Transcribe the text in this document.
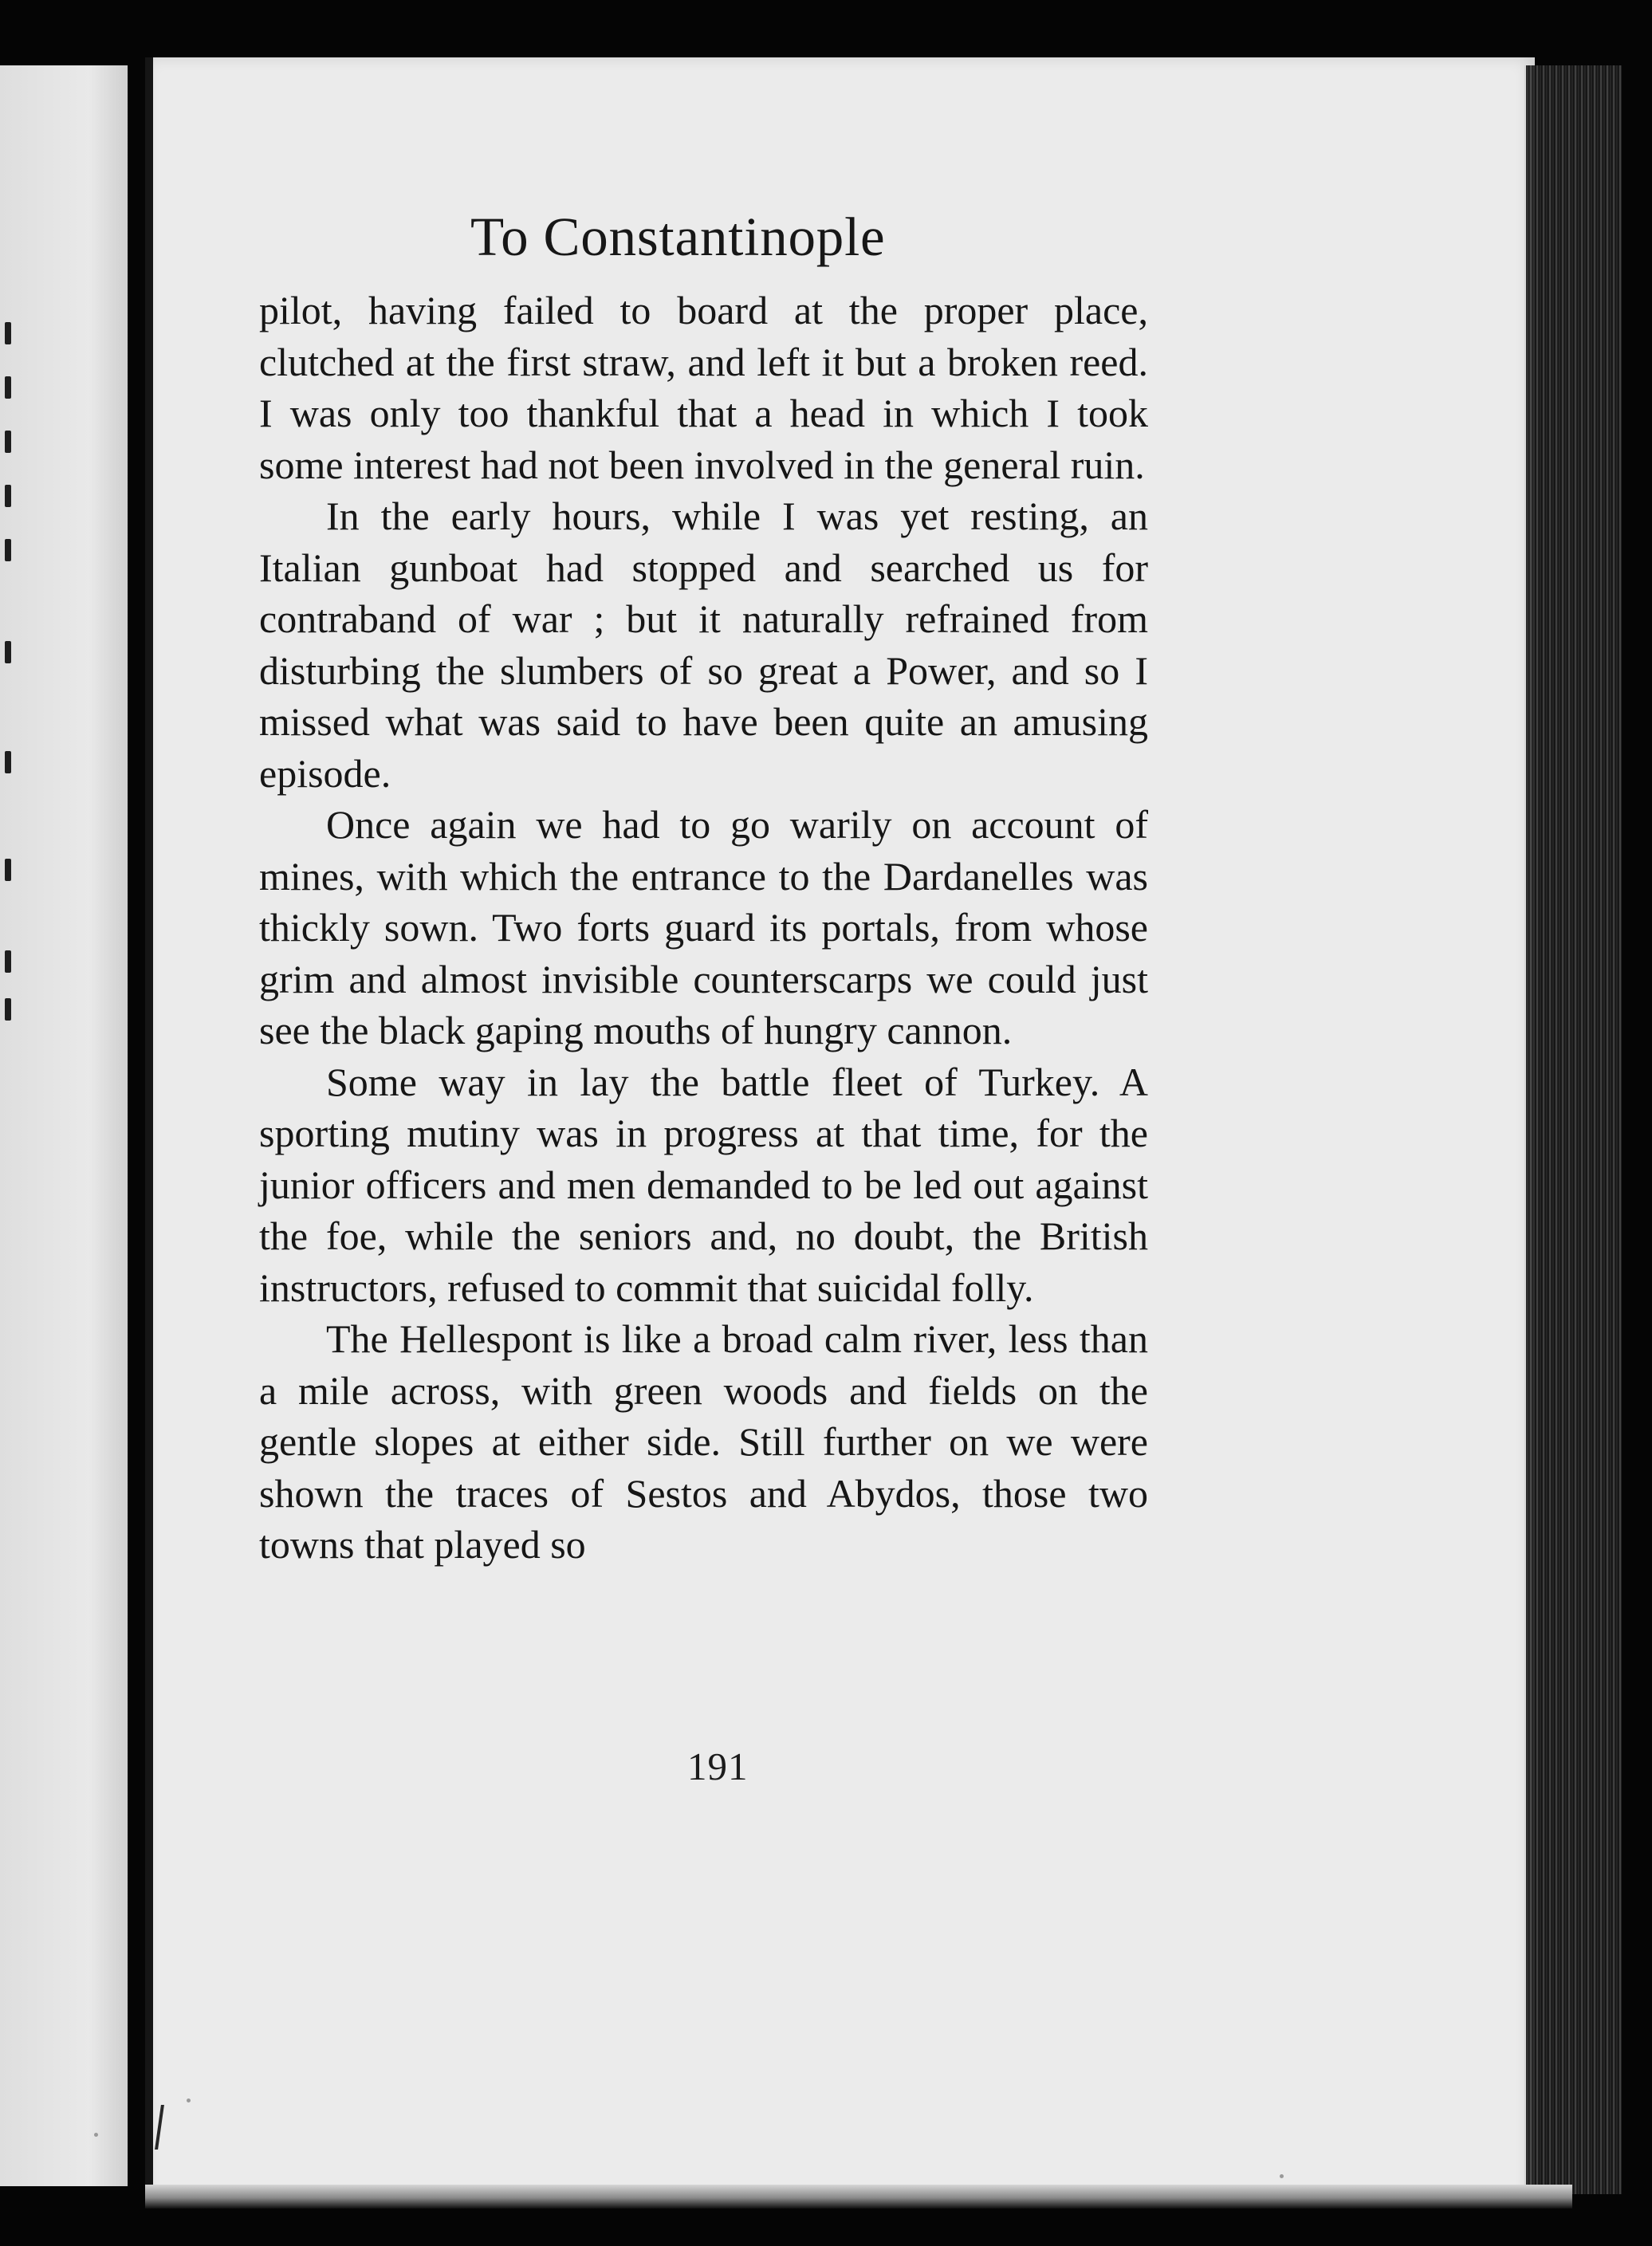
To Constantinople

pilot, having failed to board at the proper place, clutched at the first straw, and left it but a broken reed. I was only too thankful that a head in which I took some interest had not been involved in the general ruin.

In the early hours, while I was yet resting, an Italian gunboat had stopped and searched us for contraband of war ; but it naturally refrained from disturbing the slumbers of so great a Power, and so I missed what was said to have been quite an amusing episode.

Once again we had to go warily on account of mines, with which the entrance to the Dardanelles was thickly sown. Two forts guard its portals, from whose grim and almost invisible counterscarps we could just see the black gaping mouths of hungry cannon.

Some way in lay the battle fleet of Turkey. A sporting mutiny was in progress at that time, for the junior officers and men demanded to be led out against the foe, while the seniors and, no doubt, the British instructors, refused to commit that suicidal folly.

The Hellespont is like a broad calm river, less than a mile across, with green woods and fields on the gentle slopes at either side. Still further on we were shown the traces of Sestos and Abydos, those two towns that played so

191
